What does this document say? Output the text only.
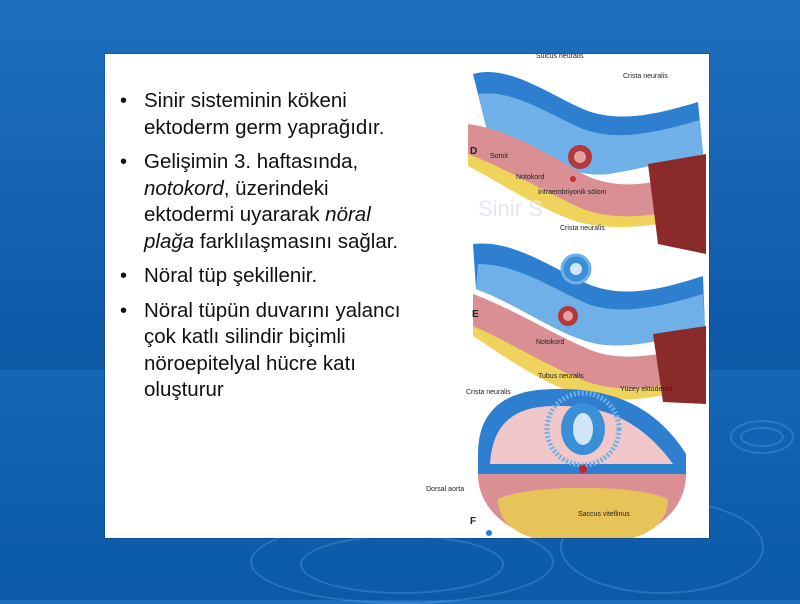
• Sinir sisteminin kökeni ektoderm germ yaprağıdır.
• Gelişimin 3. haftasında, notokord, üzerindeki ektodermi uyararak nöral plağa farklılaşmasını sağlar.
• Nöral tüp şekillenir.
• Nöral tüpün duvarını yalancı çok katlı silindir biçimli nöroepitelyal hücre katı oluşturur
D
Sulcus neuralis
Crista neuralis
Somit
Notokord
İntraembriyonik sölom
Sinir S
E
Crista neuralis
Notokord
F
Tubus neuralis
Yüzey ektodermi
Crista neuralis
Dorsal aorta
Saccus vitellinus
